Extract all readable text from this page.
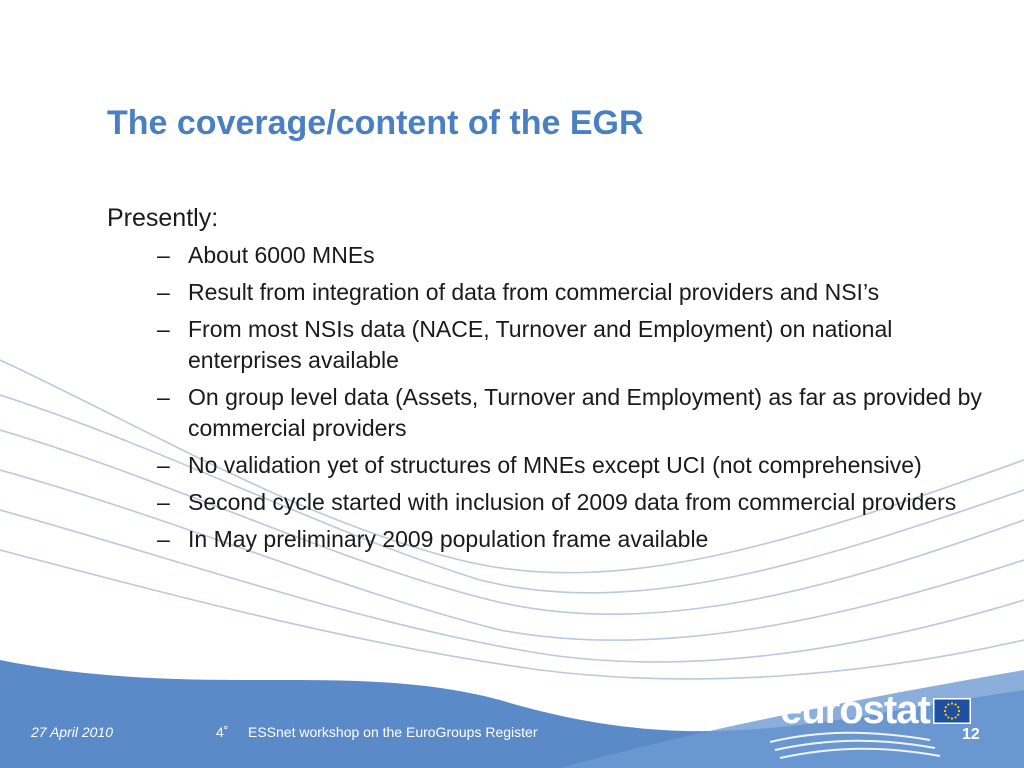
The coverage/content of the EGR
Presently:
– About 6000 MNEs
– Result from integration of data from commercial providers and NSI’s
– From most NSIs data (NACE, Turnover and Employment) on national enterprises available
– On group level data (Assets, Turnover and Employment) as far as provided by commercial providers
– No validation yet of structures of MNEs except UCI (not comprehensive)
– Second cycle started with inclusion of 2009 data from commercial providers
– In May preliminary 2009 population frame available
27 April 2010	4˚ ESSnet workshop on the EuroGroups Register	eurostat
12
